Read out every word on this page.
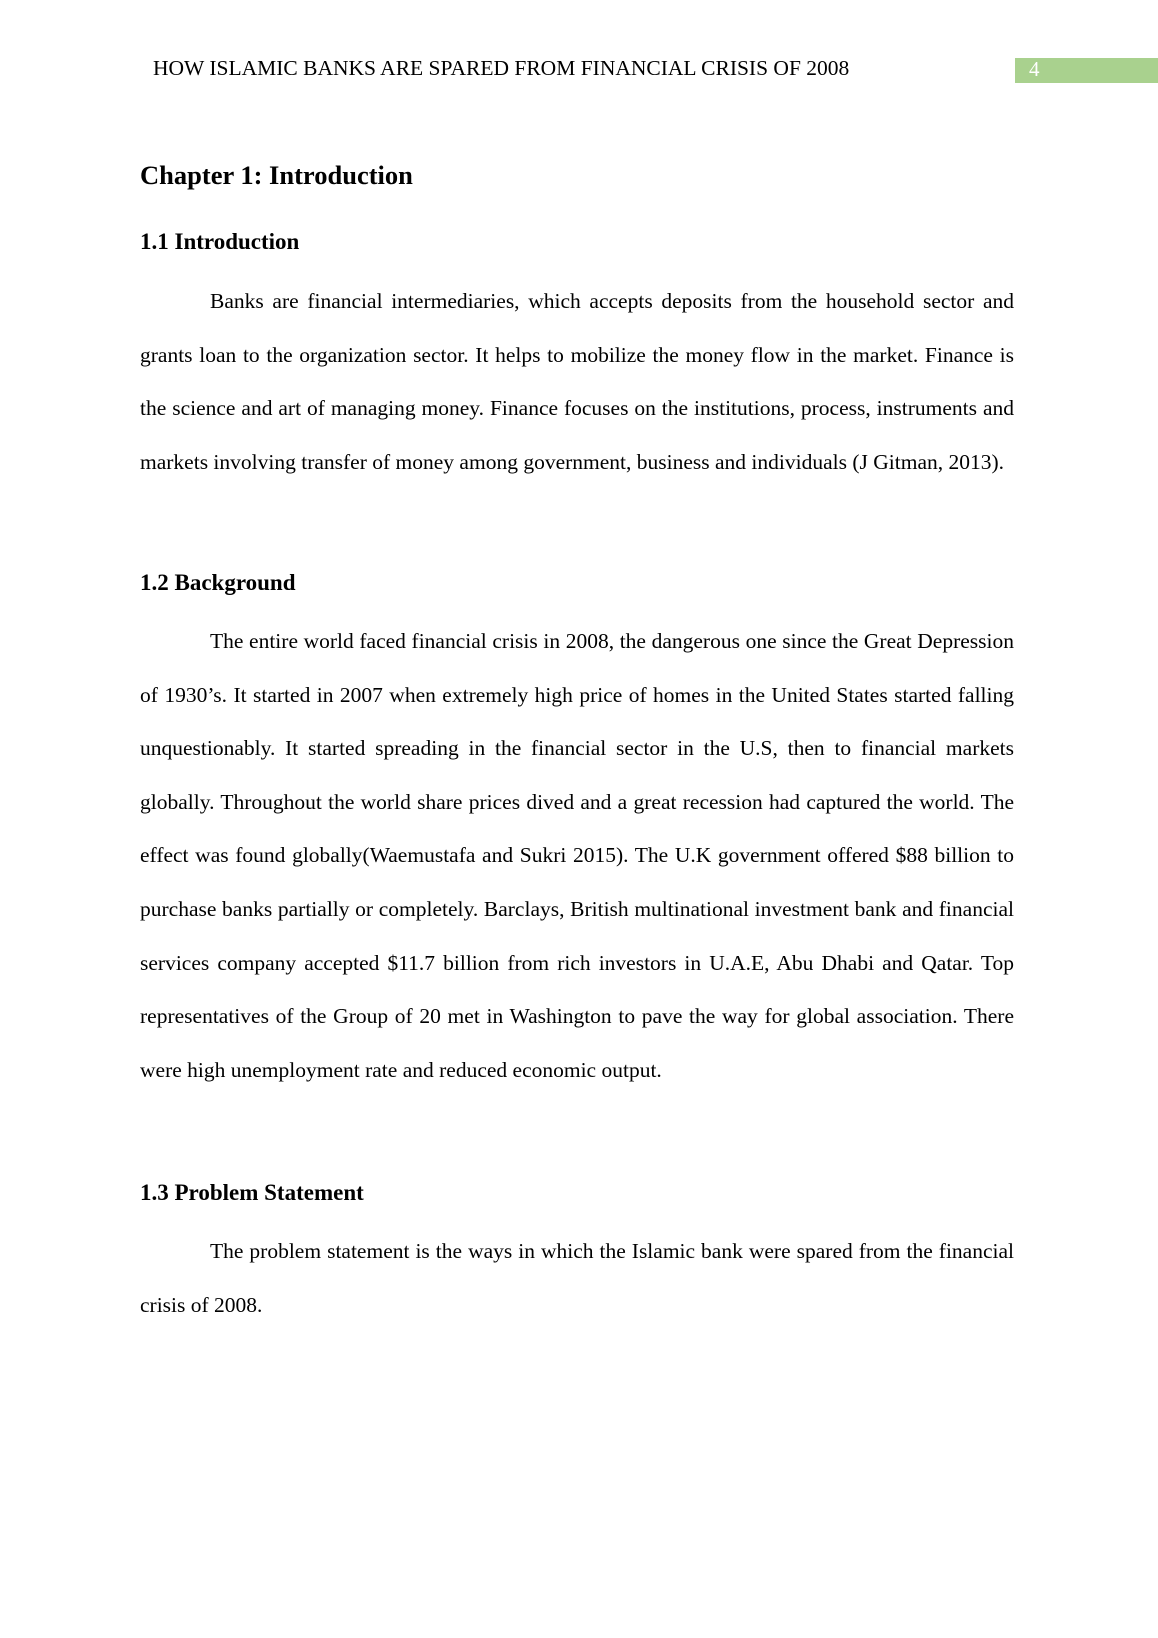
HOW ISLAMIC BANKS ARE SPARED FROM FINANCIAL CRISIS OF 2008	4
Chapter 1: Introduction
1.1 Introduction

Banks are financial intermediaries, which accepts deposits from the household sector and grants loan to the organization sector. It helps to mobilize the money flow in the market. Finance is the science and art of managing money. Finance focuses on the institutions, process, instruments and markets involving transfer of money among government, business and individuals (J Gitman, 2013).

1.2 Background

The entire world faced financial crisis in 2008, the dangerous one since the Great Depression of 1930’s. It started in 2007 when extremely high price of homes in the United States started falling unquestionably. It started spreading in the financial sector in the U.S, then to financial markets globally. Throughout the world share prices dived and a great recession had captured the world. The effect was found globally(Waemustafa and Sukri 2015). The U.K government offered $88 billion to purchase banks partially or completely. Barclays, British multinational investment bank and financial services company accepted $11.7 billion from rich investors in U.A.E, Abu Dhabi and Qatar. Top representatives of the Group of 20 met in Washington to pave the way for global association. There were high unemployment rate and reduced economic output.

1.3 Problem Statement

The problem statement is the ways in which the Islamic bank were spared from the financial crisis of 2008.
